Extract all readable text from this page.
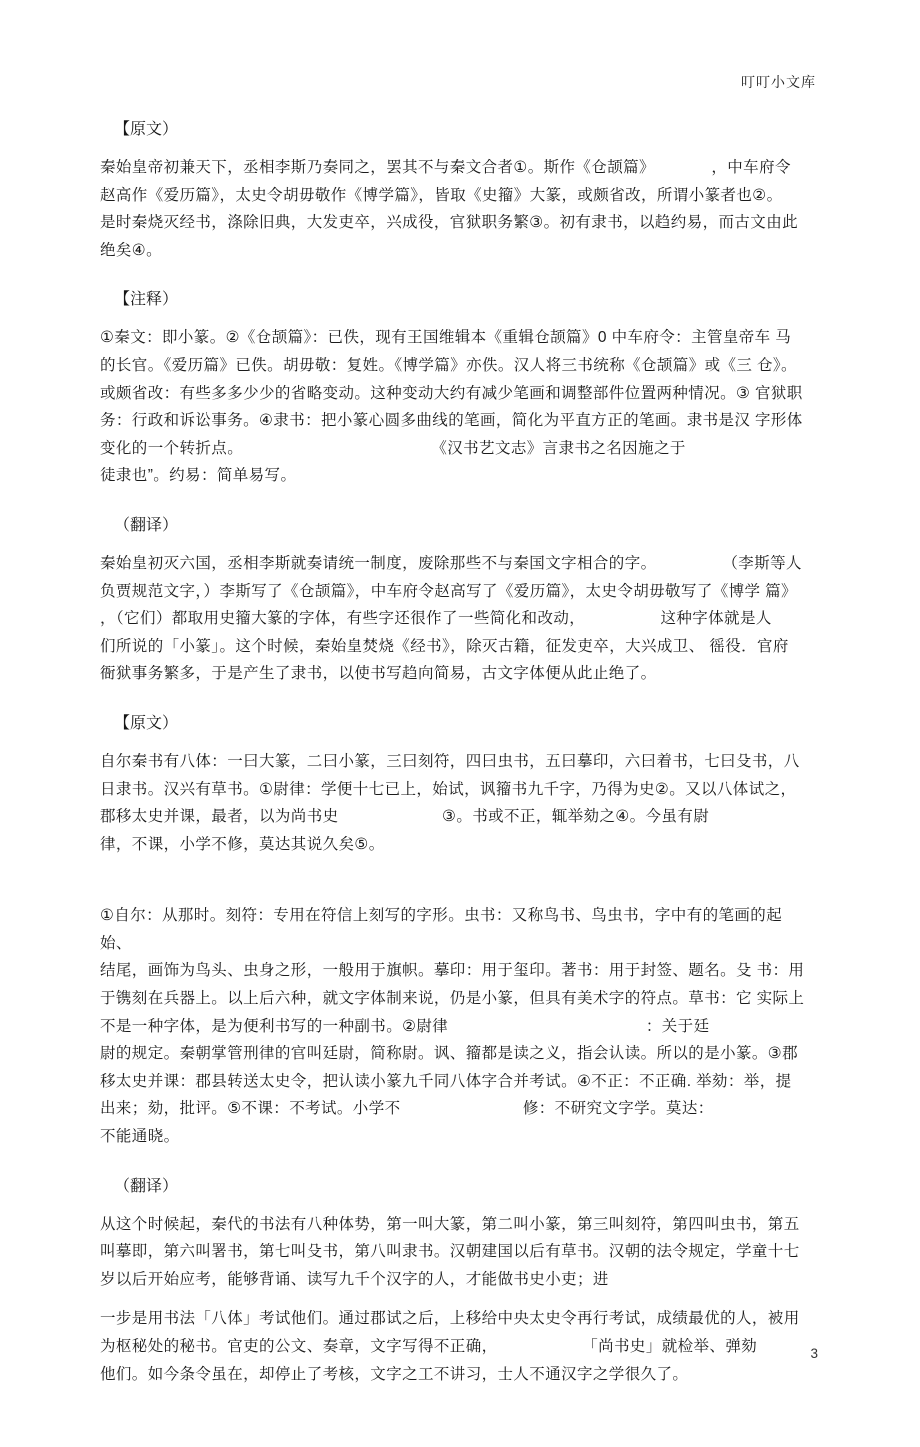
叮叮小文库
【原文）
秦始皇帝初兼天下，丞相李斯乃奏同之，罢其不与秦文合者①。斯作《仓颉篇》            ，中车府令
赵高作《爱历篇》，太史令胡毋敬作《博学篇》，皆取《史籀》大篆，或颇省改，所谓小篆者也②。
是时秦烧灭经书，涤除旧典，大发吏卒，兴成役，官狱职务繁③。初有隶书，以趋约易，而古文由此
绝矣④。
【注释）
①秦文：即小篆。②《仓颉篇》：已佚，现有王国维辑本《重辑仓颉篇》0 中车府令：主管皇帝车 马
的长官。《爱历篇》已佚。胡毋敬：复姓。《博学篇》亦佚。汉人将三书统称《仓颉篇》或《三 仓》。
或颇省改：有些多多少少的省略变动。这种变动大约有减少笔画和调整部件位置两种情况。③ 官狱职
务：行政和诉讼事务。④隶书：把小篆心圆多曲线的笔画，简化为平直方正的笔画。隶书是汉 字形体
变化的一个转折点。                                        《汉书艺文志》言隶书之名因施之于
徒隶也”。约易：简单易写。
（翻译）
秦始皇初灭六国，丞相李斯就奏请统一制度，废除那些不与秦国文字相合的字。              （李斯等人
负贾规范文字，）李斯写了《仓颉篇》，中车府令赵高写了《爱历篇》，太史令胡毋敬写了《博学 篇》
，（它们）都取用史籀大篆的字体，有些字还很作了一些简化和改动，                这种字体就是人
们所说的「小篆」。这个时候，秦始皇焚烧《经书》，除灭古籍，征发吏卒，大兴成卫、 徭役．官府
衙狱事务繁多，于是产生了隶书，以使书写趋向简易，古文字体便从此止绝了。
【原文）
自尔秦书有八体：一曰大篆，二曰小篆，三曰刻符，四曰虫书，五曰摹印，六曰着书，七曰殳书，八
日隶书。汉兴有草书。①尉律：学便十七已上，始试，讽籀书九千字，乃得为史②。又以八体试之，
郡移太史并课，最者，以为尚书史                      ③。书或不正，辄举劾之④。今虽有尉
律，不课，小学不修，莫达其说久矣⑤。
①自尔：从那时。刻符：专用在符信上刻写的字形。虫书：又称鸟书、鸟虫书，字中有的笔画的起 始、
结尾，画饰为鸟头、虫身之形，一般用于旗帜。摹印：用于玺印。著书：用于封签、题名。殳 书：用
于镌刻在兵器上。以上后六种，就文字体制来说，仍是小篆，但具有美术字的符点。草书：它 实际上
不是一种字体，是为便利书写的一种副书。②尉律                                          ：关于廷
尉的规定。秦朝掌管刑律的官叫廷尉，简称尉。讽、籀都是读之义，指会认读。所以的是小篆。③郡
移太史并课：郡县转送太史令，把认读小篆九千同八体字合并考试。④不正：不正确. 举劾：举，提
出来；劾，批评。⑤不课：不考试。小学不                          修：不研究文字学。莫达：
不能通晓。
（翻译）
从这个时候起，秦代的书法有八种体势，第一叫大篆，第二叫小篆，第三叫刻符，第四叫虫书，第五
叫摹即，第六叫署书，第七叫殳书，第八叫隶书。汉朝建国以后有草书。汉朝的法令规定，学童十七
岁以后开始应考，能够背诵、读写九千个汉字的人，才能做书史小吏；进
一步是用书法「八体」考试他们。通过郡试之后，上移给中央太史令再行考试，成绩最优的人，被用
为枢秘处的秘书。官吏的公文、奏章，文字写得不正确，                  「尚书史」就检举、弹劾
他们。如今条令虽在，却停止了考核，文字之工不讲习，士人不通汉字之学很久了。
3
